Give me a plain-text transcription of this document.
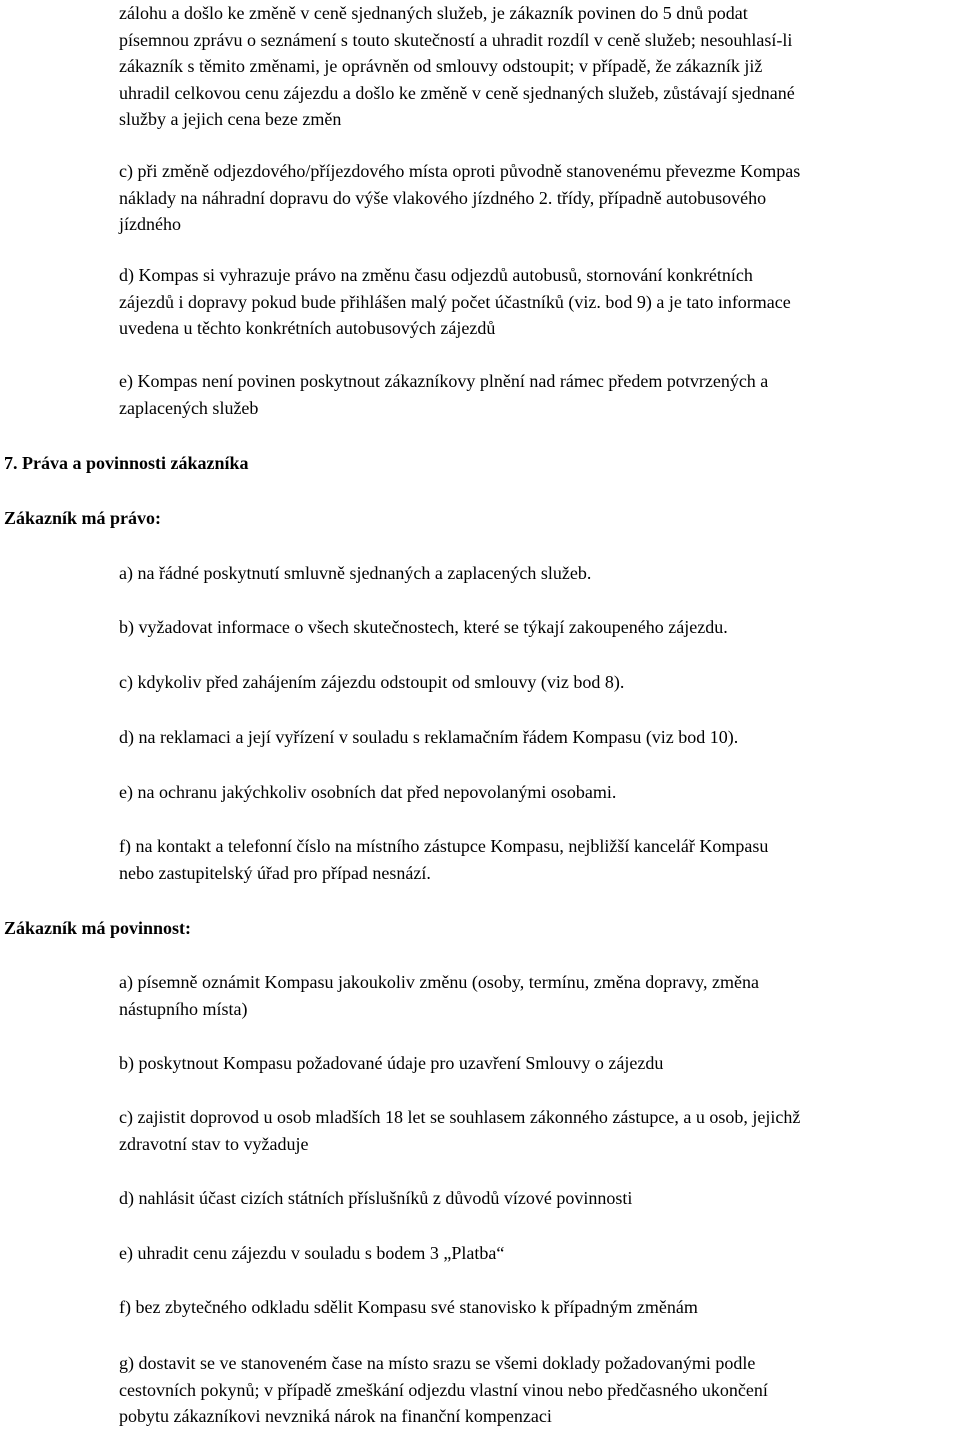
zálohu a došlo ke změně v ceně sjednaných služeb, je zákazník povinen do 5 dnů podat
písemnou zprávu o seznámení s touto skutečností a uhradit rozdíl v ceně služeb; nesouhlasí-li
zákazník s těmito změnami, je oprávněn od smlouvy odstoupit; v případě, že zákazník již
uhradil celkovou cenu zájezdu a došlo ke změně v ceně sjednaných služeb, zůstávají sjednané
služby a jejich cena beze změn

c) při změně odjezdového/příjezdového místa oproti původně stanovenému převezme Kompas
náklady na náhradní dopravu do výše vlakového jízdného 2. třídy, případně autobusového
jízdného

d) Kompas si vyhrazuje právo na změnu času odjezdů autobusů, stornování konkrétních
zájezdů i dopravy pokud bude přihlášen malý počet účastníků (viz. bod 9) a je tato informace
uvedena u těchto konkrétních autobusových zájezdů

e) Kompas není povinen poskytnout zákazníkovy plnění nad rámec předem potvrzených a
zaplacených služeb

7. Práva a povinnosti zákazníka
Zákazník má právo:

a) na řádné poskytnutí smluvně sjednaných a zaplacených služeb.

b) vyžadovat informace o všech skutečnostech, které se týkají zakoupeného zájezdu.

c) kdykoliv před zahájením zájezdu odstoupit od smlouvy (viz bod 8).

d) na reklamaci a její vyřízení v souladu s reklamačním řádem Kompasu (viz bod 10).

e) na ochranu jakýchkoliv osobních dat před nepovolanými osobami.

f) na kontakt a telefonní číslo na místního zástupce Kompasu, nejbližší kancelář Kompasu
nebo zastupitelský úřad pro případ nesnází.

Zákazník má povinnost:

a) písemně oznámit Kompasu jakoukoliv změnu (osoby, termínu, změna dopravy, změna
nástupního místa)

b) poskytnout Kompasu požadované údaje pro uzavření Smlouvy o zájezdu

c) zajistit doprovod u osob mladších 18 let se souhlasem zákonného zástupce, a u osob, jejichž
zdravotní stav to vyžaduje

d) nahlásit účast cizích státních příslušníků z důvodů vízové povinnosti

e) uhradit cenu zájezdu v souladu s bodem 3 „Platba“

f) bez zbytečného odkladu sdělit Kompasu své stanovisko k případným změnám

g) dostavit se ve stanoveném čase na místo srazu se všemi doklady požadovanými podle
cestovních pokynů; v případě zmeškání odjezdu vlastní vinou nebo předčasného ukončení
pobytu zákazníkovi nevzniká nárok na finanční kompenzaci
